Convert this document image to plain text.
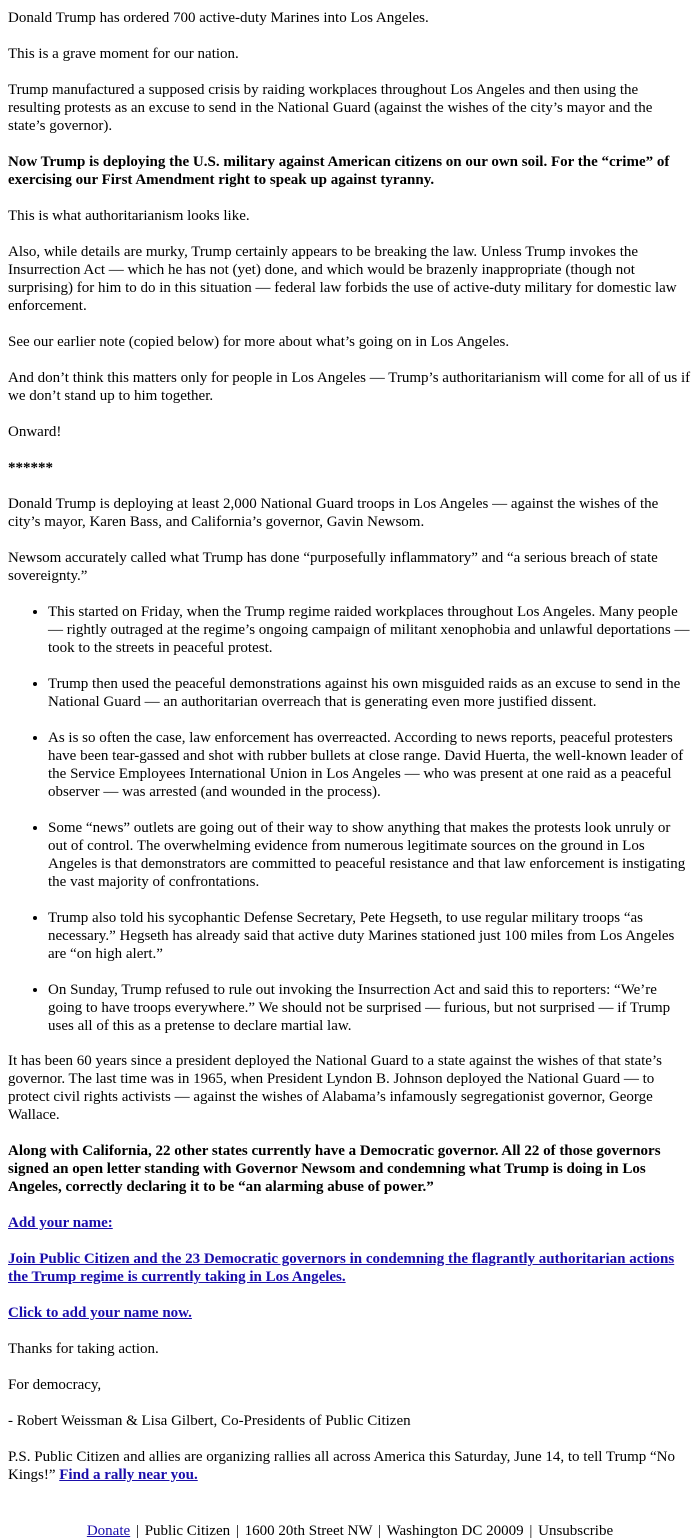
Donald Trump has ordered 700 active-duty Marines into Los Angeles.

This is a grave moment for our nation.

Trump manufactured a supposed crisis by raiding workplaces throughout Los Angeles and then using the resulting protests as an excuse to send in the National Guard (against the wishes of the city’s mayor and the state’s governor).

Now Trump is deploying the U.S. military against American citizens on our own soil. For the “crime” of exercising our First Amendment right to speak up against tyranny.

This is what authoritarianism looks like.

Also, while details are murky, Trump certainly appears to be breaking the law. Unless Trump invokes the Insurrection Act — which he has not (yet) done, and which would be brazenly inappropriate (though not surprising) for him to do in this situation — federal law forbids the use of active-duty military for domestic law enforcement.

See our earlier note (copied below) for more about what’s going on in Los Angeles.

And don’t think this matters only for people in Los Angeles — Trump’s authoritarianism will come for all of us if we don’t stand up to him together.

Onward!

******

Donald Trump is deploying at least 2,000 National Guard troops in Los Angeles — against the wishes of the city’s mayor, Karen Bass, and California’s governor, Gavin Newsom.

Newsom accurately called what Trump has done “purposefully inflammatory” and “a serious breach of state sovereignty.”

• This started on Friday, when the Trump regime raided workplaces throughout Los Angeles. Many people — rightly outraged at the regime’s ongoing campaign of militant xenophobia and unlawful deportations — took to the streets in peaceful protest.
• Trump then used the peaceful demonstrations against his own misguided raids as an excuse to send in the National Guard — an authoritarian overreach that is generating even more justified dissent.
• As is so often the case, law enforcement has overreacted. According to news reports, peaceful protesters have been tear-gassed and shot with rubber bullets at close range. David Huerta, the well-known leader of the Service Employees International Union in Los Angeles — who was present at one raid as a peaceful observer — was arrested (and wounded in the process).
• Some “news” outlets are going out of their way to show anything that makes the protests look unruly or out of control. The overwhelming evidence from numerous legitimate sources on the ground in Los Angeles is that demonstrators are committed to peaceful resistance and that law enforcement is instigating the vast majority of confrontations.
• Trump also told his sycophantic Defense Secretary, Pete Hegseth, to use regular military troops “as necessary.” Hegseth has already said that active duty Marines stationed just 100 miles from Los Angeles are “on high alert.”
• On Sunday, Trump refused to rule out invoking the Insurrection Act and said this to reporters: “We’re going to have troops everywhere.” We should not be surprised — furious, but not surprised — if Trump uses all of this as a pretense to declare martial law.

It has been 60 years since a president deployed the National Guard to a state against the wishes of that state’s governor. The last time was in 1965, when President Lyndon B. Johnson deployed the National Guard — to protect civil rights activists — against the wishes of Alabama’s infamously segregationist governor, George Wallace.

Along with California, 22 other states currently have a Democratic governor. All 22 of those governors signed an open letter standing with Governor Newsom and condemning what Trump is doing in Los Angeles, correctly declaring it to be “an alarming abuse of power.”

Add your name:

Join Public Citizen and the 23 Democratic governors in condemning the flagrantly authoritarian actions the Trump regime is currently taking in Los Angeles.

Click to add your name now.

Thanks for taking action.

For democracy,

- Robert Weissman & Lisa Gilbert, Co-Presidents of Public Citizen

P.S. Public Citizen and allies are organizing rallies all across America this Saturday, June 14, to tell Trump “No Kings!” Find a rally near you.

Donate | Public Citizen | 1600 20th Street NW | Washington DC 20009 | Unsubscribe
